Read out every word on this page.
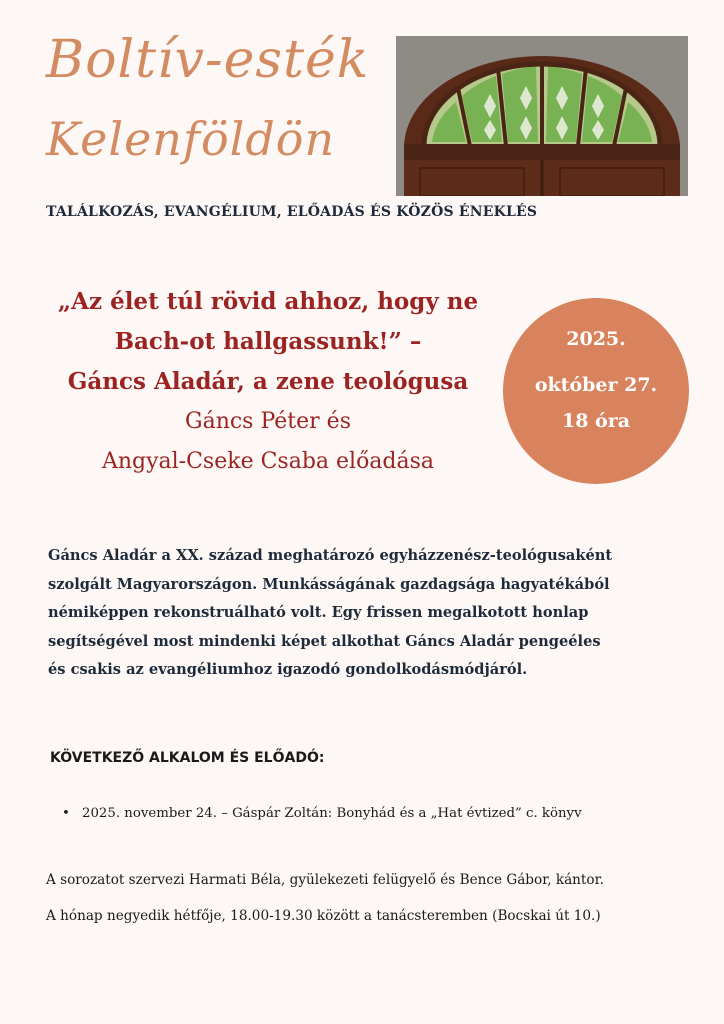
Boltív-esték
Kelenföldön
TALÁLKOZÁS, EVANGÉLIUM, ELŐADÁS ÉS KÖZÖS ÉNEKLÉS
„Az élet túl rövid ahhoz, hogy ne
Bach-ot hallgassunk!” –
Gáncs Aladár, a zene teológusa
Gáncs Péter és
Angyal-Cseke Csaba előadása
2025.
október 27.
18 óra
Gáncs Aladár a XX. század meghatározó egyházzenész-teológusaként
szolgált Magyarországon. Munkásságának gazdagsága hagyatékából
némiképpen rekonstruálható volt. Egy frissen megalkotott honlap
segítségével most mindenki képet alkothat Gáncs Aladár pengeéles
és csakis az evangéliumhoz igazodó gondolkodásmódjáról.
KÖVETKEZŐ ALKALOM ÉS ELŐADÓ:
• 2025. november 24. – Gáspár Zoltán: Bonyhád és a „Hat évtized” c. könyv
A sorozatot szervezi Harmati Béla, gyülekezeti felügyelő és Bence Gábor, kántor.
A hónap negyedik hétfője, 18.00-19.30 között a tanácsteremben (Bocskai út 10.)
